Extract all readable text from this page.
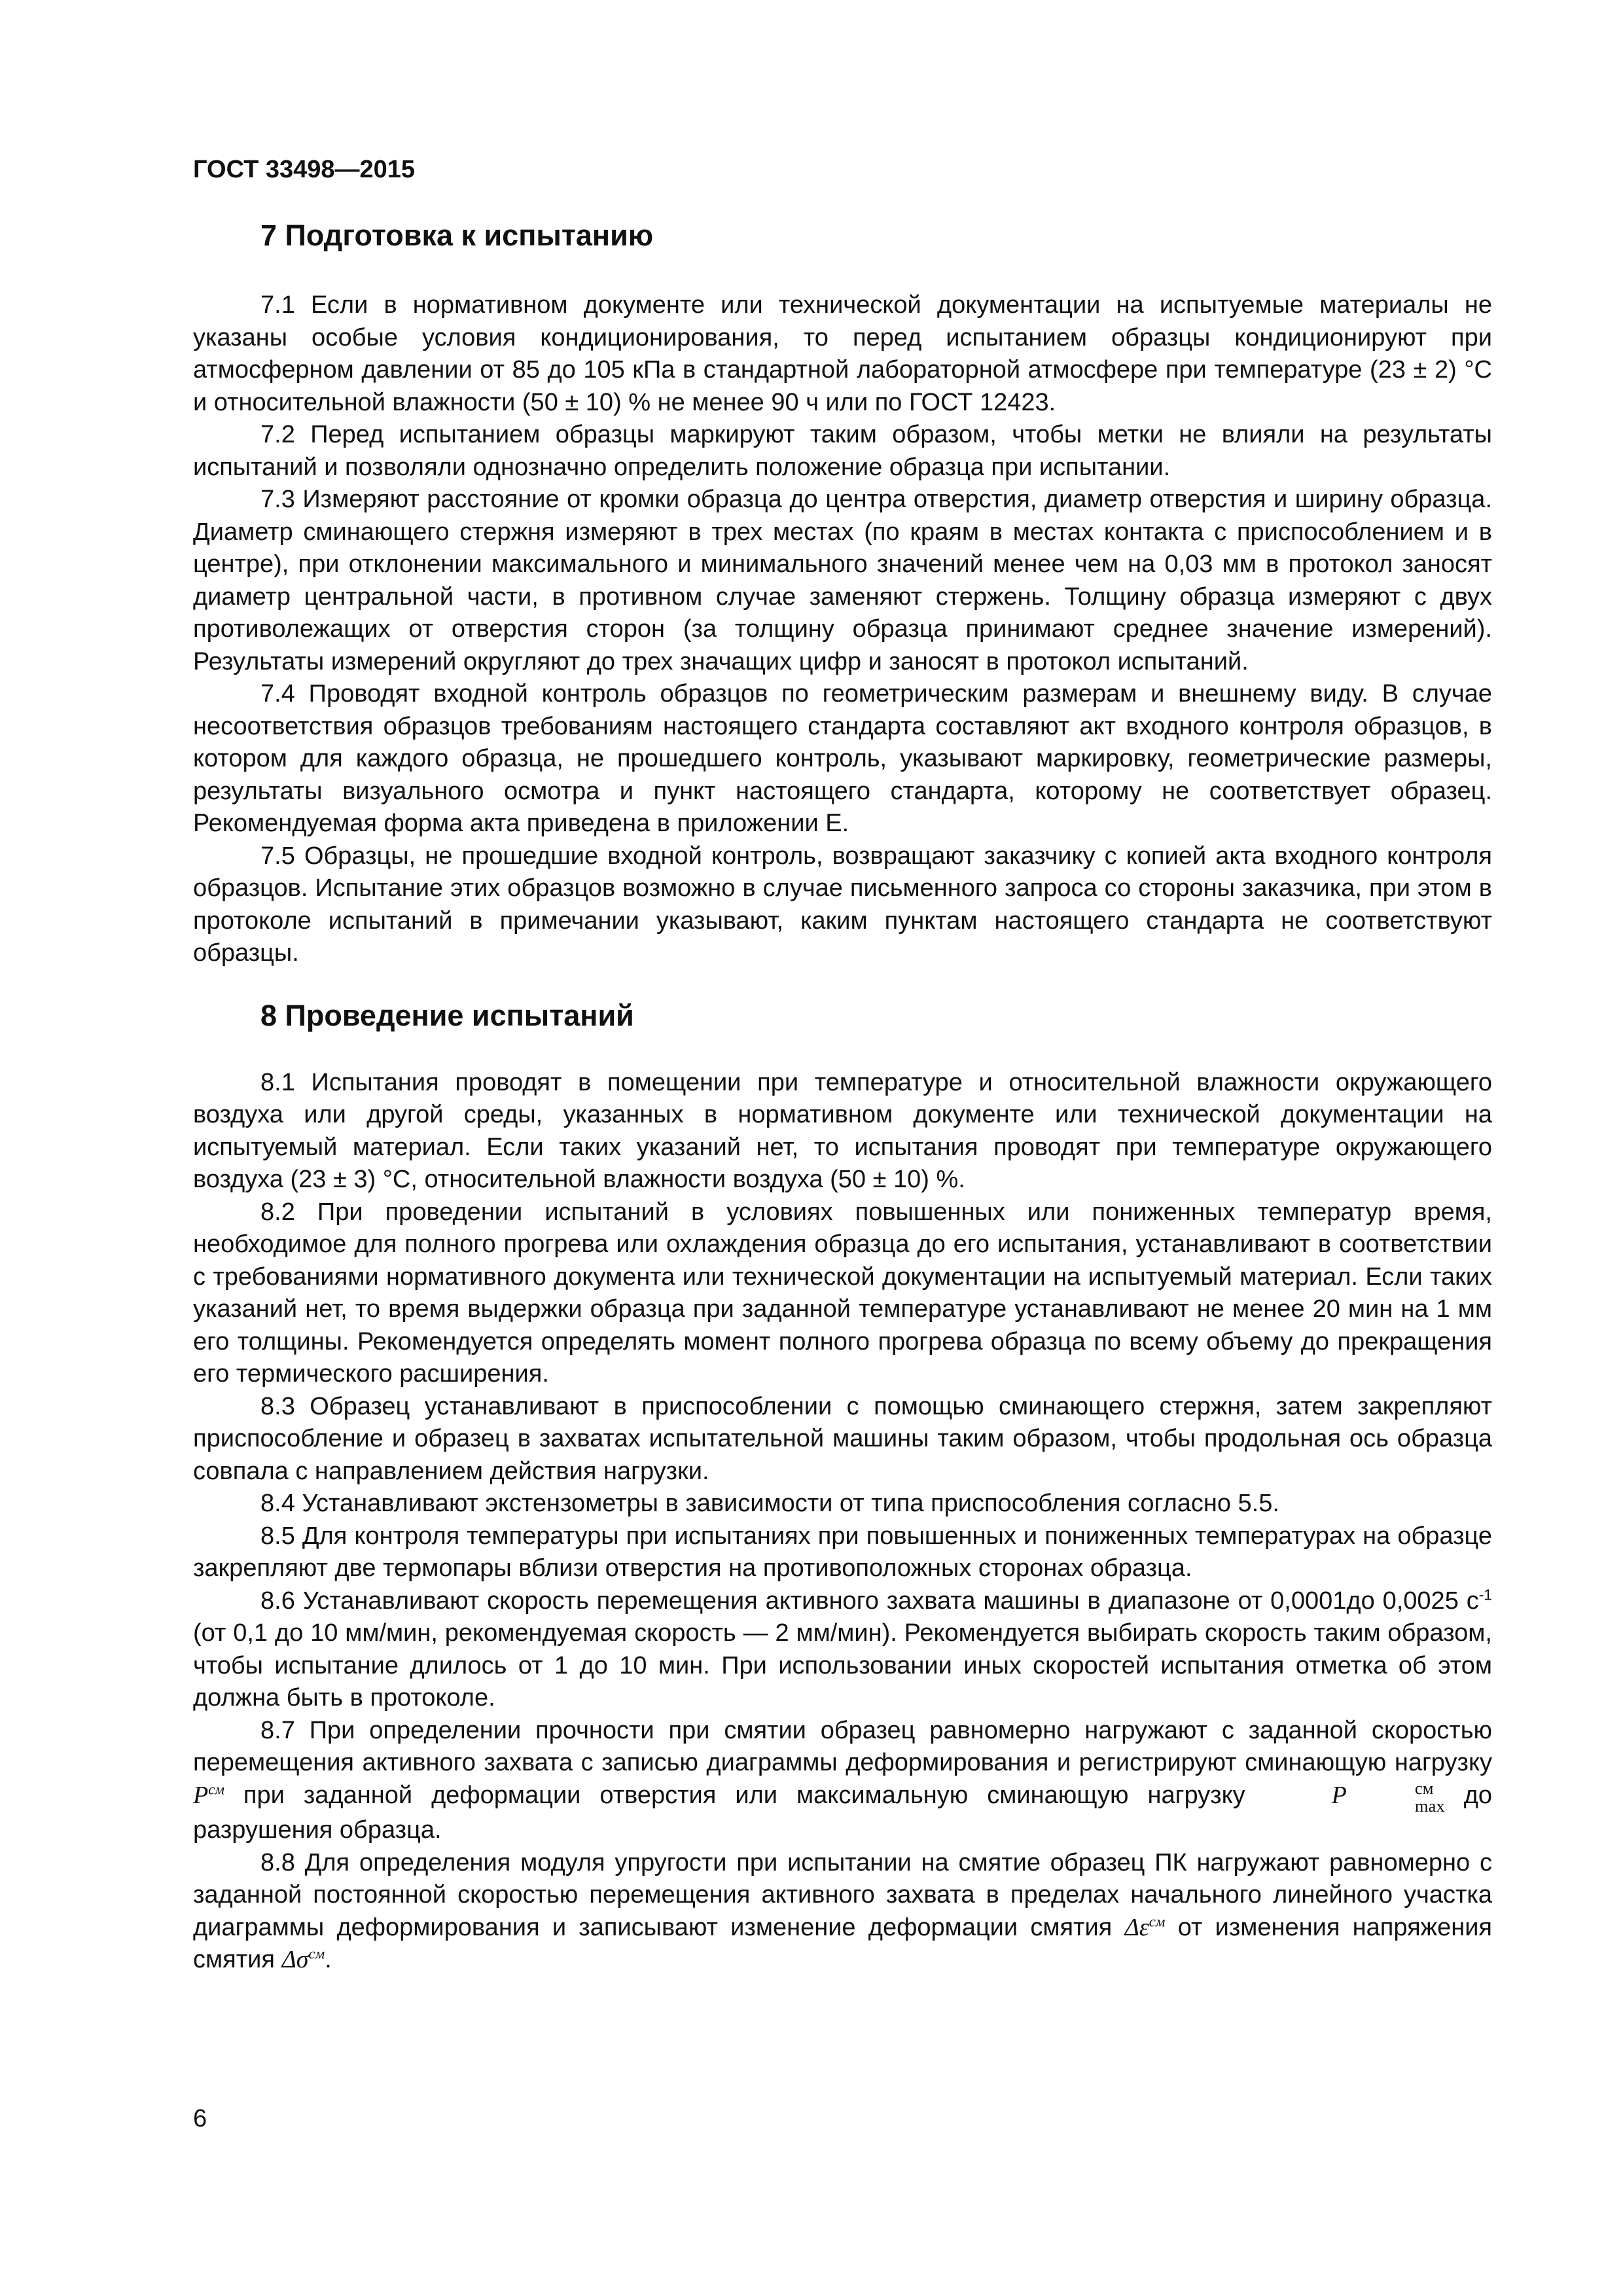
ГОСТ 33498—2015

7 Подготовка к испытанию

7.1 Если в нормативном документе или технической документации на испытуемые материалы не указаны особые условия кондиционирования, то перед испытанием образцы кондиционируют при атмосферном давлении от 85 до 105 кПа в стандартной лабораторной атмосфере при температуре (23 ± 2) °С и относительной влажности (50 ± 10) % не менее 90 ч или по ГОСТ 12423.

7.2 Перед испытанием образцы маркируют таким образом, чтобы метки не влияли на результаты испытаний и позволяли однозначно определить положение образца при испытании.

7.3 Измеряют расстояние от кромки образца до центра отверстия, диаметр отверстия и ширину образца. Диаметр сминающего стержня измеряют в трех местах (по краям в местах контакта с приспособлением и в центре), при отклонении максимального и минимального значений менее чем на 0,03 мм в протокол заносят диаметр центральной части, в противном случае заменяют стержень. Толщину образца измеряют с двух противолежащих от отверстия сторон (за толщину образца принимают среднее значение измерений). Результаты измерений округляют до трех значащих цифр и заносят в протокол испытаний.

7.4 Проводят входной контроль образцов по геометрическим размерам и внешнему виду. В случае несоответствия образцов требованиям настоящего стандарта составляют акт входного контроля образцов, в котором для каждого образца, не прошедшего контроль, указывают маркировку, геометрические размеры, результаты визуального осмотра и пункт настоящего стандарта, которому не соответствует образец. Рекомендуемая форма акта приведена в приложении Е.

7.5 Образцы, не прошедшие входной контроль, возвращают заказчику с копией акта входного контроля образцов. Испытание этих образцов возможно в случае письменного запроса со стороны заказчика, при этом в протоколе испытаний в примечании указывают, каким пунктам настоящего стандарта не соответствуют образцы.

8 Проведение испытаний

8.1 Испытания проводят в помещении при температуре и относительной влажности окружающего воздуха или другой среды, указанных в нормативном документе или технической документации на испытуемый материал. Если таких указаний нет, то испытания проводят при температуре окружающего воздуха (23 ± 3) °С, относительной влажности воздуха (50 ± 10) %.

8.2 При проведении испытаний в условиях повышенных или пониженных температур время, необходимое для полного прогрева или охлаждения образца до его испытания, устанавливают в соответствии с требованиями нормативного документа или технической документации на испытуемый материал. Если таких указаний нет, то время выдержки образца при заданной температуре устанавливают не менее 20 мин на 1 мм его толщины. Рекомендуется определять момент полного прогрева образца по всему объему до прекращения его термического расширения.

8.3 Образец устанавливают в приспособлении с помощью сминающего стержня, затем закрепляют приспособление и образец в захватах испытательной машины таким образом, чтобы продольная ось образца совпала с направлением действия нагрузки.

8.4 Устанавливают экстензометры в зависимости от типа приспособления согласно 5.5.

8.5 Для контроля температуры при испытаниях при повышенных и пониженных температурах на образце закрепляют две термопары вблизи отверстия на противоположных сторонах образца.

8.6 Устанавливают скорость перемещения активного захвата машины в диапазоне от 0,0001до 0,0025 $с^{-1}$ (от 0,1 до 10 мм/мин, рекомендуемая скорость — 2 мм/мин). Рекомендуется выбирать скорость таким образом, чтобы испытание длилось от 1 до 10 мин. При использовании иных скоростей испытания отметка об этом должна быть в протоколе.

8.7 При определении прочности при смятии образец равномерно нагружают с заданной скоростью перемещения активного захвата с записью диаграммы деформирования и регистрируют сминающую нагрузку $P^{см}$ при заданной деформации отверстия или максимальную сминающую нагрузку	P	см
max до разрушения образца.

8.8 Для определения модуля упругости при испытании на смятие образец ПК нагружают равномерно с заданной постоянной скоростью перемещения активного захвата в пределах начального линейного участка диаграммы деформирования и записывают изменение деформации смятия $\Delta\varepsilon^{см}$ от изменения напряжения смятия $\Delta\sigma^{см}$.

6
